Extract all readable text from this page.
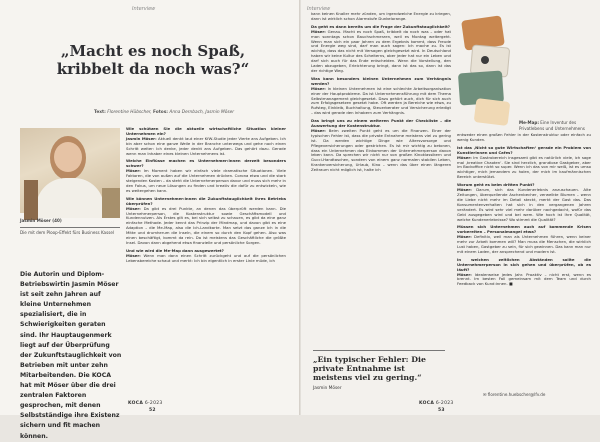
Interview
„Macht es noch Spaß, kribbelt da noch was?“
Text: Florentine Hübscher, Fotos: Anna Dernbach, Jasmin Möser
Jasmin Möser (40)
Die mit dem Ploop-Effekt fürs Business Kassel
Die Autorin und Diplom-Betriebswirtin Jasmin Möser ist seit zehn Jahren auf kleine Unternehmen spezialisiert, die in Schwierigkeiten geraten sind. Ihr Hauptaugenmerk liegt auf der Überprüfung der Zukunftstauglichkeit von Betrieben mit unter zehn Mitarbeitenden. Die KOCA hat mit Möser über die drei zentralen Faktoren gesprochen, mit denen Selbstständige ihre Existenz sichern und fit machen können.

Wie schützen Sie die aktuelle wirtschaftliche Situation kleiner Unternehmen ein?
Jasmin Möser: Aktuell denkt laut einer KfW-Studie jeder Vierte ans Aufgeben. Ich bin aber schon eine ganze Weile in der Branche unterwegs und gehe noch einen Schritt weiter: Ich denke, jeder denkt ans Aufgeben. Das gehört dazu. Gerade wenn man Inhaber eines kleinen Unternehmens ist.

Welche Einflüsse machen es Unternehmer:innen derzeit besonders schwer?
Möser: Im Moment haben wir einfach viele dramatische Situationen. Viele Faktoren, die von außen auf die Unternehmen drücken. Corona etwa und die stark steigenden Kosten – da steht die Unternehmerperson davor und muss sich mehr in den Fokus, um neue Lösungen zu finden und kreativ die dafür zu entwickeln, wie es weitergehen kann.

Wie können Unternehmer:innen die Zukunftstauglichkeit ihres Betriebs überprüfen?
Möser: Da gibt es drei Punkte, an denen das überprüft werden kann. Die Unternehmerperson, die Kostenstruktur sowie Geschäftsmodell und Kundennutzen. Als Erstes gilt es, bei sich selbst zu schauen, es gibt da eine ganz einfache Methode. Jeder kennt das Prinzip der Mindmap, und davon gibt es eine Adaption – die Me-Map, also die Ich-Landkarte. Man setzt das ganze Ich in die Mitte und drumherum die Inseln, die einem so durch den Kopf gehen. Also was einen beschäftigt, kommt da rein. Da ist meistens das Geschäftliche die größte Insel. Davon dann abgehend etwa finanzielle und persönliche Sorgen.

Und wie wird die Me-Map dann ausgewertet?
Möser: Wenn man dann einen Schritt zurückgeht und auf die persönlichen Lebensbereiche schaut und merkt: Ich bin eigentlich in erster Linie müde, ich

KOCA 6-2023
52
Interview

kann keinen Knaller mehr zünden, um irgendwelche Energie zu kriegen, dann ist wirklich schon Alarmstufe Dunkelorange.

Da geht es dann bereits um die Frage der Zukunftstauglichkeit?
Möser: Genau. Macht es noch Spaß, kribbelt da noch was – oder hat man sonntags schon Bauchschmerzen, weil es Montag weitergeht. Wenn man sich ein paar Jahren zu dem Ergebnis kommt, dass Freude und Energie weg sind, darf man auch sagen: Ich mache zu. Es ist wichtig, dass das nicht mit Versagen gleichgesetzt wird. In Deutschland haben wir keine Kultur des Scheiterns, aber jeder hat nur ein Leben und darf sich auch für das Ende entscheiden. Wenn die Vorstellung, den Laden abzugeben, Erleichterung bringt, dann ist das so, dann ist das der richtige Weg.

Was kann besonders kleinen Unternehmen zum Verhängnis werden?
Möser: In kleinen Unternehmen ist eine schlechte Arbeitsorganisation einer der Hauptprobleme. Da ist Unternehmensführung mit dem Thema Selbstmanagement gleichgesetzt. Dazu gehört auch, dich für sich auch zum Erfolgsgesetzen gesetzt habe. Oft werden ja Bereiche wie etwa, zu Rufsteg, Einkleib, Buchhaltung, Steuerberater und Versicherung erledigt – das wird gerade den Inhabern zum Verhängnis.

Das bringt uns zu einem weiteren Punkt der Checkliste – die Auswertung der Kostenstruktur.
Möser: Beim zweiten Punkt geht es um die Finanzen. Einer der typischen Fehler ist, dass die private Entnahme meistens viel zu gering ist. Da werden wichtige Dinge wie Altersvorsorge und Pflegeversicherungen oder gestrichen. Es ist mir wichtig zu betonen, dass ein Unternehmen das Einkommen der Unternehmerperson davon leben kann. Da sprechen wir nicht nur von großen Kinoklassikern und Gucci-Handtaschen, sondern von einem ganz normalen stabilen Leben, Krankenversicherung, Urlaub, Kino – wenn das über einen längeren Zeitraum nicht möglich ist, halte ich

„Ein typischer Fehler: Die private Entnahme ist meistens viel zu gering.“
Jasmin Möser
Me-Map: Eine Inventur des Privatlebens und Unternehmens

entweder einen großen Fehler in der Kostenstruktur oder einfach zu wenig Kunden.

Ist das ‚Nicht so gute Wirtschaften‘ gerade ein Problem von Kunstlerinnen und Cafes?
Möser: Im Gastrobereich insgesamt gibt es natürlich viele, ich sage mal ‚kreative Chaoten‘. Sie sind herzlich, grandiose Gastgeber, aber im Backoffice nicht so super. Wenn ich das von mir weiß, ist es umso wichtiger, mich jemandem zu holen, der mich im kaufmännischen Bereich unterstützt.

Worum geht es beim dritten Punkt?
Möser: Darum, sich das Kundenerlebnis anzuschauen. Alte Zeitungen, überquellende Aschenbecher, verwelkte Blumen – wenn die Liebe nicht mehr im Detail steckt, merkt der Gast das. Das Konsumentenverhalten hat sich in den vergangenen Jahren verändert. Es wird sehr viel mehr darüber nachgedacht, wofür das Geld ausgegeben wird und bei wem. Wie hoch ist Ihre Qualität, welche Kundenerlebnisse? Wo stimmt die Qualität?

Müssen sich Unternehmen auch auf kommende Krisen vorbereiten – Personalmangel etwa?
Möser: Definitiv, weil man als Unternehmen führen, wenn keiner mehr zur Arbeit kommen will? Man muss die Menschen, die wirklich Lust haben, Gastgeber zu sein, für sich gewinnen. Das kann man nur mit einem Laden, der ansprechend und modern ist.

In welchen zeitlichen Abständen sollte die Unternehmerperson in sich gehen und überprüfen, ob es läuft?
Möser: Idealerweise jedes Jahr. Proaktiv – nicht erst, wenn es brennt. Im besten Fall gemeinsam mit dem Team und durch Feedback von Kund:innen. ■

✉ florentine.huebscher@lfv.de
KOCA 6-2023
53
